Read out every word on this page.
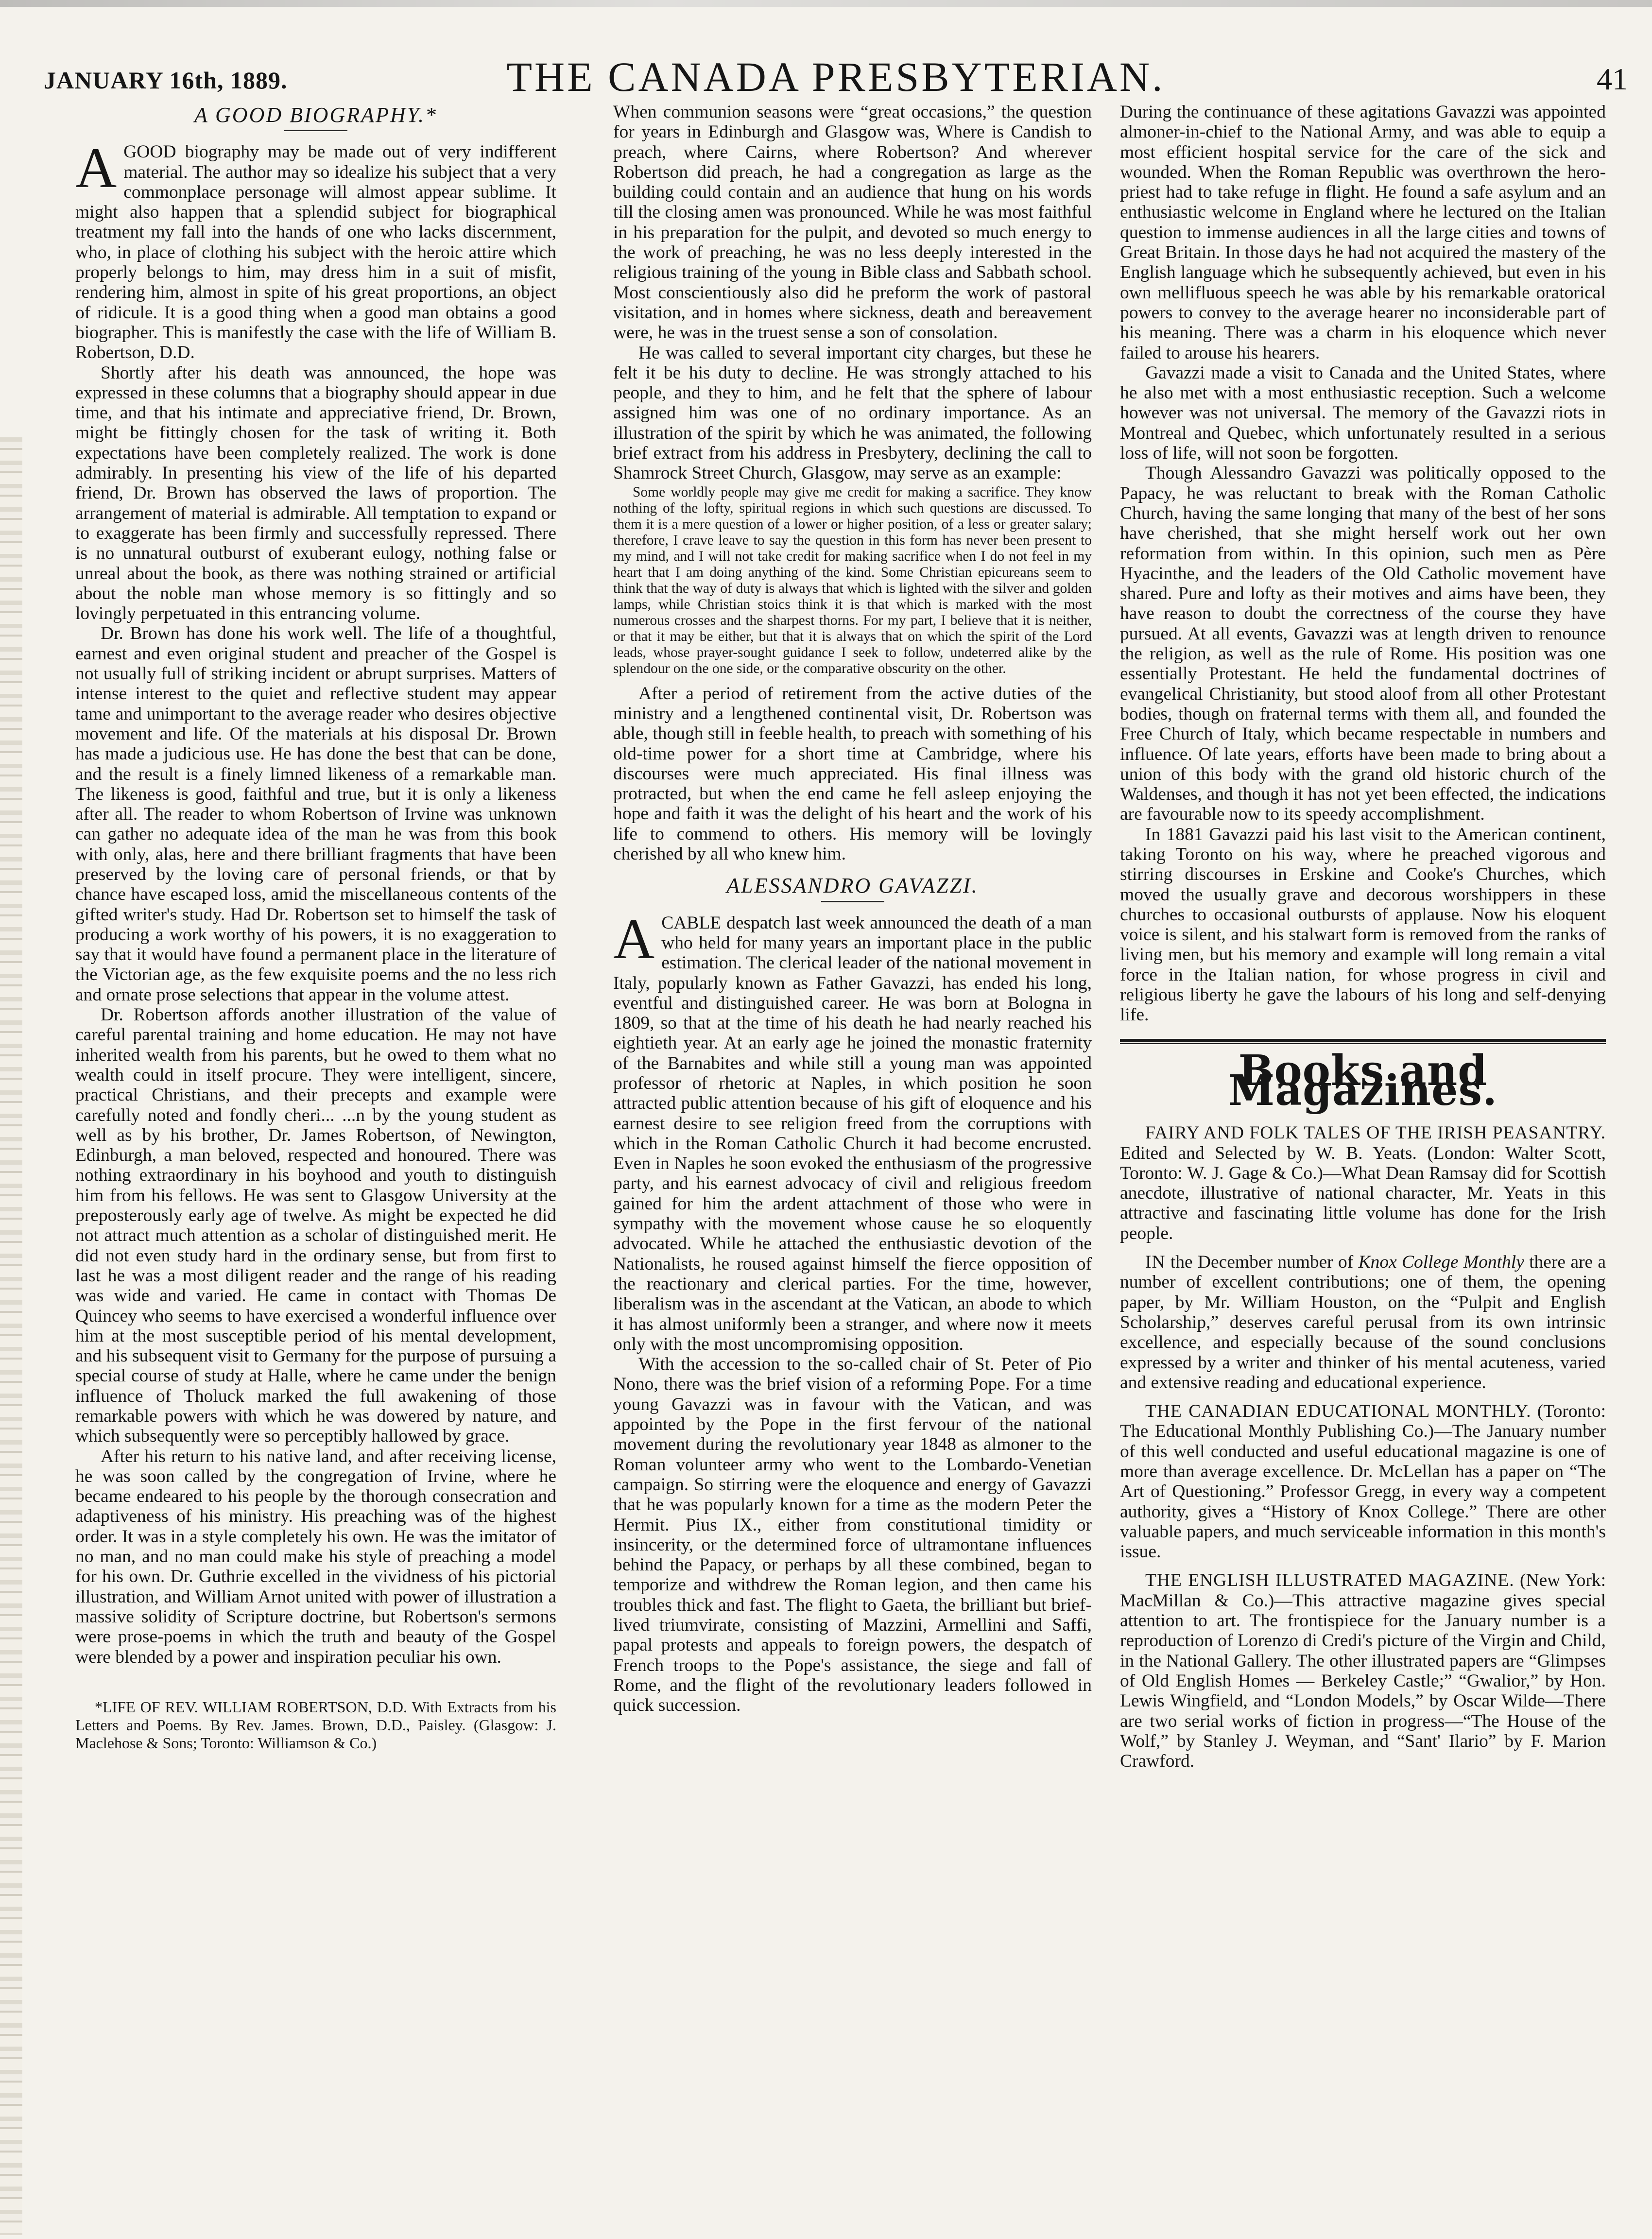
JANUARY 16th, 1889.	THE CANADA PRESBYTERIAN.	41
A GOOD BIOGRAPHY.*

AGOOD biography may be made out of very indifferent material. The author may so idealize his subject that a very commonplace personage will almost appear sublime. It might also happen that a splendid subject for biographical treatment my fall into the hands of one who lacks discernment, who, in place of clothing his subject with the heroic attire which properly belongs to him, may dress him in a suit of misfit, rendering him, almost in spite of his great proportions, an object of ridicule. It is a good thing when a good man obtains a good biographer. This is manifestly the case with the life of William B. Robertson, D.D.

Shortly after his death was announced, the hope was expressed in these columns that a biography should appear in due time, and that his intimate and appreciative friend, Dr. Brown, might be fittingly chosen for the task of writing it. Both expectations have been completely realized. The work is done admirably. In presenting his view of the life of his departed friend, Dr. Brown has observed the laws of proportion. The arrangement of material is admirable. All temptation to expand or to exaggerate has been firmly and successfully repressed. There is no unnatural outburst of exuberant eulogy, nothing false or unreal about the book, as there was nothing strained or artificial about the noble man whose memory is so fittingly and so lovingly perpetuated in this entrancing volume.

Dr. Brown has done his work well. The life of a thoughtful, earnest and even original student and preacher of the Gospel is not usually full of striking incident or abrupt surprises. Matters of intense interest to the quiet and reflective student may appear tame and unimportant to the average reader who desires objective movement and life. Of the materials at his disposal Dr. Brown has made a judicious use. He has done the best that can be done, and the result is a finely limned likeness of a remarkable man. The likeness is good, faithful and true, but it is only a likeness after all. The reader to whom Robertson of Irvine was unknown can gather no adequate idea of the man he was from this book with only, alas, here and there brilliant fragments that have been preserved by the loving care of personal friends, or that by chance have escaped loss, amid the miscellaneous contents of the gifted writer's study. Had Dr. Robertson set to himself the task of producing a work worthy of his powers, it is no exaggeration to say that it would have found a permanent place in the literature of the Victorian age, as the few exquisite poems and the no less rich and ornate prose selections that appear in the volume attest.

Dr. Robertson affords another illustration of the value of careful parental training and home education. He may not have inherited wealth from his parents, but he owed to them what no wealth could in itself procure. They were intelligent, sincere, practical Christians, and their precepts and example were carefully noted and fondly cheri... ...n by the young student as well as by his brother, Dr. James Robertson, of Newington, Edinburgh, a man beloved, respected and honoured. There was nothing extraordinary in his boyhood and youth to distinguish him from his fellows. He was sent to Glasgow University at the preposterously early age of twelve. As might be expected he did not attract much attention as a scholar of distinguished merit. He did not even study hard in the ordinary sense, but from first to last he was a most diligent reader and the range of his reading was wide and varied. He came in contact with Thomas De Quincey who seems to have exercised a wonderful influence over him at the most susceptible period of his mental development, and his subsequent visit to Germany for the purpose of pursuing a special course of study at Halle, where he came under the benign influence of Tholuck marked the full awakening of those remarkable powers with which he was dowered by nature, and which subsequently were so perceptibly hallowed by grace.

After his return to his native land, and after receiving license, he was soon called by the congregation of Irvine, where he became endeared to his people by the thorough consecration and adaptiveness of his ministry. His preaching was of the highest order. It was in a style completely his own. He was the imitator of no man, and no man could make his style of preaching a model for his own. Dr. Guthrie excelled in the vividness of his pictorial illustration, and William Arnot united with power of illustration a massive solidity of Scripture doctrine, but Robertson's sermons were prose-poems in which the truth and beauty of the Gospel were blended by a power and inspiration peculiar his own.

*LIFE OF REV. WILLIAM ROBERTSON, D.D. With Extracts from his Letters and Poems. By Rev. James. Brown, D.D., Paisley. (Glasgow: J. Maclehose & Sons; Toronto: Williamson & Co.)

When communion seasons were “great occasions,” the question for years in Edinburgh and Glasgow was, Where is Candish to preach, where Cairns, where Robertson? And wherever Robertson did preach, he had a congregation as large as the building could contain and an audience that hung on his words till the closing amen was pronounced. While he was most faithful in his preparation for the pulpit, and devoted so much energy to the work of preaching, he was no less deeply interested in the religious training of the young in Bible class and Sabbath school. Most conscientiously also did he preform the work of pastoral visitation, and in homes where sickness, death and bereavement were, he was in the truest sense a son of consolation.

He was called to several important city charges, but these he felt it be his duty to decline. He was strongly attached to his people, and they to him, and he felt that the sphere of labour assigned him was one of no ordinary importance. As an illustration of the spirit by which he was animated, the following brief extract from his address in Presbytery, declining the call to Shamrock Street Church, Glasgow, may serve as an example:

Some worldly people may give me credit for making a sacrifice. They know nothing of the lofty, spiritual regions in which such questions are discussed. To them it is a mere question of a lower or higher position, of a less or greater salary; therefore, I crave leave to say the question in this form has never been present to my mind, and I will not take credit for making sacrifice when I do not feel in my heart that I am doing anything of the kind. Some Christian epicureans seem to think that the way of duty is always that which is lighted with the silver and golden lamps, while Christian stoics think it is that which is marked with the most numerous crosses and the sharpest thorns. For my part, I believe that it is neither, or that it may be either, but that it is always that on which the spirit of the Lord leads, whose prayer-sought guidance I seek to follow, undeterred alike by the splendour on the one side, or the comparative obscurity on the other.

After a period of retirement from the active duties of the ministry and a lengthened continental visit, Dr. Robertson was able, though still in feeble health, to preach with something of his old-time power for a short time at Cambridge, where his discourses were much appreciated. His final illness was protracted, but when the end came he fell asleep enjoying the hope and faith it was the delight of his heart and the work of his life to commend to others. His memory will be lovingly cherished by all who knew him.

ALESSANDRO GAVAZZI.

ACABLE despatch last week announced the death of a man who held for many years an important place in the public estimation. The clerical leader of the national movement in Italy, popularly known as Father Gavazzi, has ended his long, eventful and distinguished career. He was born at Bologna in 1809, so that at the time of his death he had nearly reached his eightieth year. At an early age he joined the monastic fraternity of the Barnabites and while still a young man was appointed professor of rhetoric at Naples, in which position he soon attracted public attention because of his gift of eloquence and his earnest desire to see religion freed from the corruptions with which in the Roman Catholic Church it had become encrusted. Even in Naples he soon evoked the enthusiasm of the progressive party, and his earnest advocacy of civil and religious freedom gained for him the ardent attachment of those who were in sympathy with the movement whose cause he so eloquently advocated. While he attached the enthusiastic devotion of the Nationalists, he roused against himself the fierce opposition of the reactionary and clerical parties. For the time, however, liberalism was in the ascendant at the Vatican, an abode to which it has almost uniformly been a stranger, and where now it meets only with the most uncompromising opposition.

With the accession to the so-called chair of St. Peter of Pio Nono, there was the brief vision of a reforming Pope. For a time young Gavazzi was in favour with the Vatican, and was appointed by the Pope in the first fervour of the national movement during the revolutionary year 1848 as almoner to the Roman volunteer army who went to the Lombardo-Venetian campaign. So stirring were the eloquence and energy of Gavazzi that he was popularly known for a time as the modern Peter the Hermit. Pius IX., either from constitutional timidity or insincerity, or the determined force of ultramontane influences behind the Papacy, or perhaps by all these combined, began to temporize and withdrew the Roman legion, and then came his troubles thick and fast. The flight to Gaeta, the brilliant but brief-lived triumvirate, consisting of Mazzini, Armellini and Saffi, papal protests and appeals to foreign powers, the despatch of French troops to the Pope's assistance, the siege and fall of Rome, and the flight of the revolutionary leaders followed in quick succession.

During the continuance of these agitations Gavazzi was appointed almoner-in-chief to the National Army, and was able to equip a most efficient hospital service for the care of the sick and wounded. When the Roman Republic was overthrown the hero-priest had to take refuge in flight. He found a safe asylum and an enthusiastic welcome in England where he lectured on the Italian question to immense audiences in all the large cities and towns of Great Britain. In those days he had not acquired the mastery of the English language which he subsequently achieved, but even in his own mellifluous speech he was able by his remarkable oratorical powers to convey to the average hearer no inconsiderable part of his meaning. There was a charm in his eloquence which never failed to arouse his hearers.

Gavazzi made a visit to Canada and the United States, where he also met with a most enthusiastic reception. Such a welcome however was not universal. The memory of the Gavazzi riots in Montreal and Quebec, which unfortunately resulted in a serious loss of life, will not soon be forgotten.

Though Alessandro Gavazzi was politically opposed to the Papacy, he was reluctant to break with the Roman Catholic Church, having the same longing that many of the best of her sons have cherished, that she might herself work out her own reformation from within. In this opinion, such men as Père Hyacinthe, and the leaders of the Old Catholic movement have shared. Pure and lofty as their motives and aims have been, they have reason to doubt the correctness of the course they have pursued. At all events, Gavazzi was at length driven to renounce the religion, as well as the rule of Rome. His position was one essentially Protestant. He held the fundamental doctrines of evangelical Christianity, but stood aloof from all other Protestant bodies, though on fraternal terms with them all, and founded the Free Church of Italy, which became respectable in numbers and influence. Of late years, efforts have been made to bring about a union of this body with the grand old historic church of the Waldenses, and though it has not yet been effected, the indications are favourable now to its speedy accomplishment.

In 1881 Gavazzi paid his last visit to the American continent, taking Toronto on his way, where he preached vigorous and stirring discourses in Erskine and Cooke's Churches, which moved the usually grave and decorous worshippers in these churches to occasional outbursts of applause. Now his eloquent voice is silent, and his stalwart form is removed from the ranks of living men, but his memory and example will long remain a vital force in the Italian nation, for whose progress in civil and religious liberty he gave the labours of his long and self-denying life.

Books and Magazines.

FAIRY AND FOLK TALES OF THE IRISH PEASANTRY. Edited and Selected by W. B. Yeats. (London: Walter Scott, Toronto: W. J. Gage & Co.)—What Dean Ramsay did for Scottish anecdote, illustrative of national character, Mr. Yeats in this attractive and fascinating little volume has done for the Irish people.

IN the December number of Knox College Monthly there are a number of excellent contributions; one of them, the opening paper, by Mr. William Houston, on the “Pulpit and English Scholarship,” deserves careful perusal from its own intrinsic excellence, and especially because of the sound conclusions expressed by a writer and thinker of his mental acuteness, varied and extensive reading and educational experience.

THE CANADIAN EDUCATIONAL MONTHLY. (Toronto: The Educational Monthly Publishing Co.)—The January number of this well conducted and useful educational magazine is one of more than average excellence. Dr. McLellan has a paper on “The Art of Questioning.” Professor Gregg, in every way a competent authority, gives a “History of Knox College.” There are other valuable papers, and much serviceable information in this month's issue.

THE ENGLISH ILLUSTRATED MAGAZINE. (New York: MacMillan & Co.)—This attractive magazine gives special attention to art. The frontispiece for the January number is a reproduction of Lorenzo di Credi's picture of the Virgin and Child, in the National Gallery. The other illustrated papers are “Glimpses of Old English Homes — Berkeley Castle;” “Gwalior,” by Hon. Lewis Wingfield, and “London Models,” by Oscar Wilde—There are two serial works of fiction in progress—“The House of the Wolf,” by Stanley J. Weyman, and “Sant' Ilario” by F. Marion Crawford.
